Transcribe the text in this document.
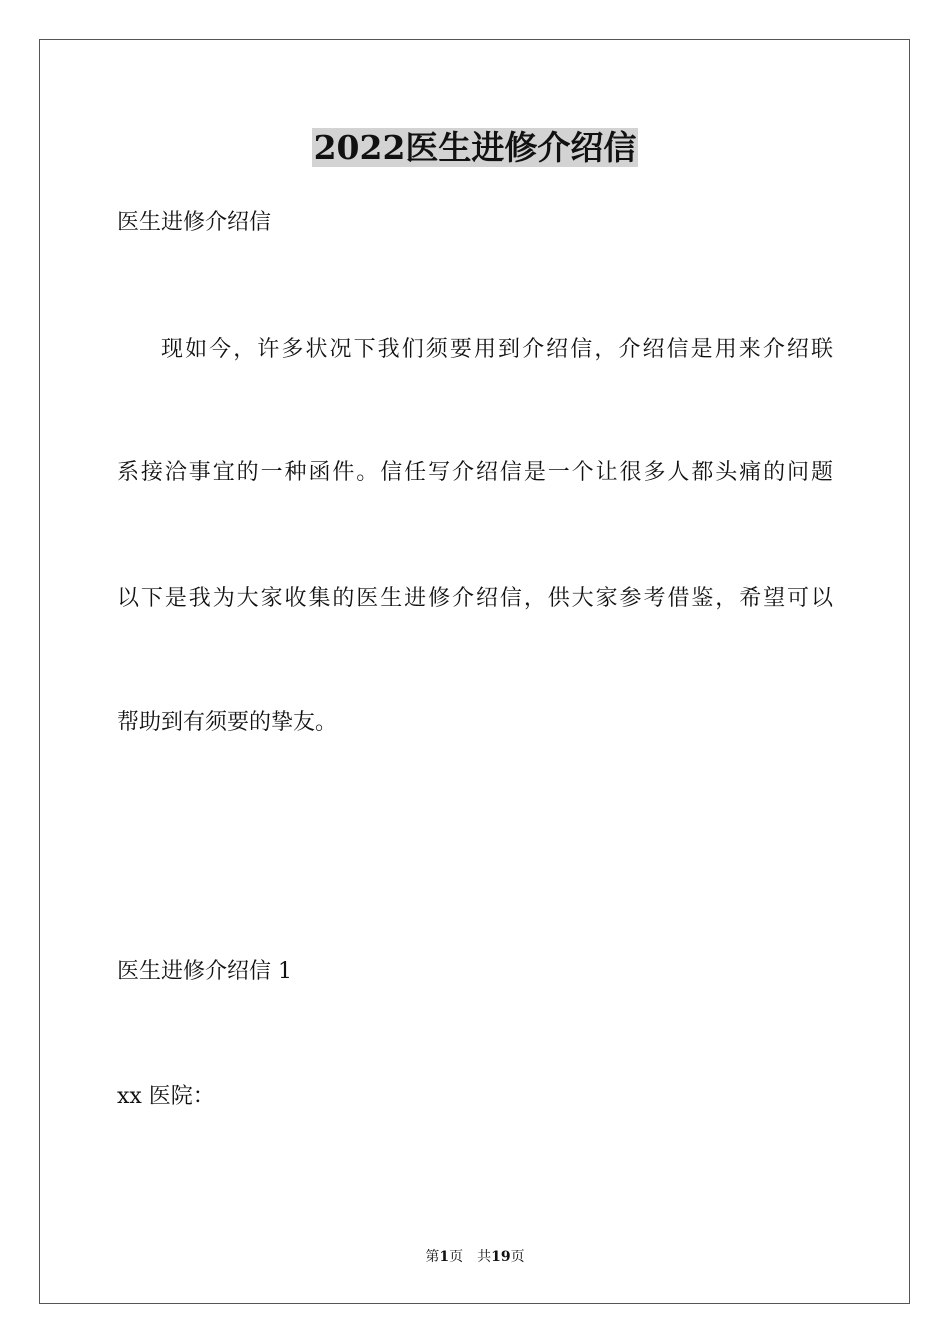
2022医生进修介绍信
医生进修介绍信
现如今，许多状况下我们须要用到介绍信，介绍信是用来介绍联
系接洽事宜的一种函件。信任写介绍信是一个让很多人都头痛的问题
以下是我为大家收集的医生进修介绍信，供大家参考借鉴，希望可以
帮助到有须要的挚友。
医生进修介绍信 1
xx 医院：
第1页　共19页
